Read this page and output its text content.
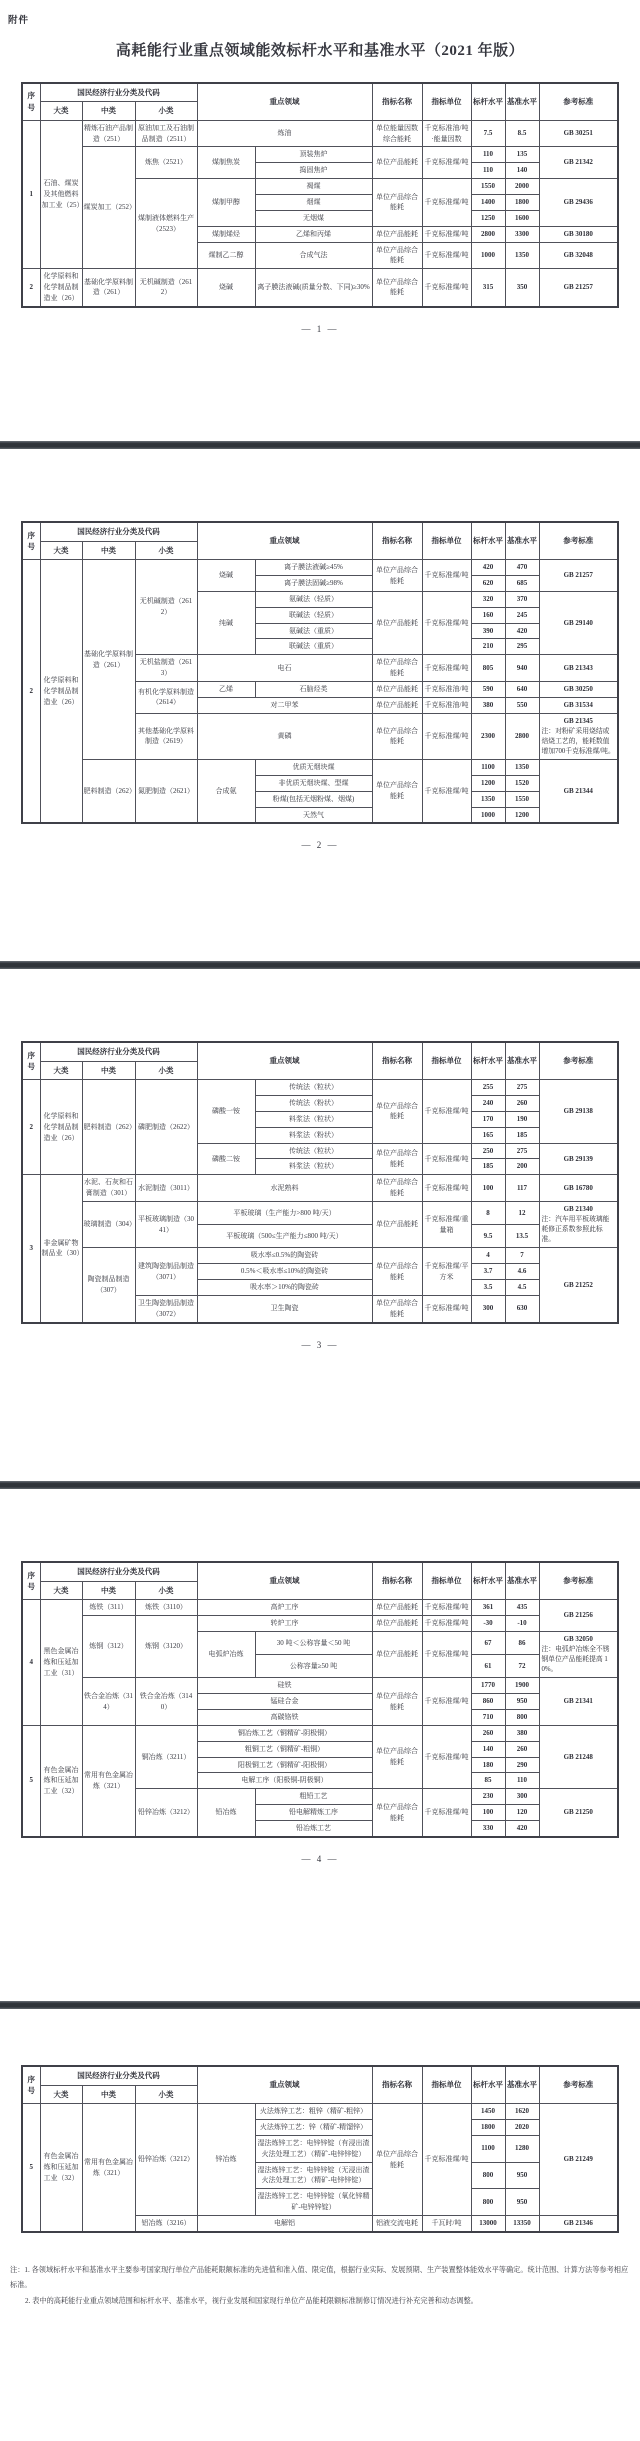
附件
高耗能行业重点领域能效标杆水平和基准水平（2021 年版）
序号	国民经济行业分类及代码			重点领域		指标名称	指标单位	标杆水平	基准水平	参考标准
	大类	中类	小类							
1	石油、煤炭及其他燃料加工业（25）	精炼石油产品制造（251）	原油加工及石油制品制造（2511）	炼油		单位能量因数综合能耗	千克标准油/吨·能量因数	7.5	8.5	GB 30251
		煤炭加工（252）	炼焦（2521）	煤制焦炭	顶装焦炉	单位产品能耗	千克标准煤/吨	110	135	GB 21342
					捣固焦炉			110	140	
			煤制液体燃料生产（2523）	煤制甲醇	褐煤	单位产品综合能耗	千克标准煤/吨	1550	2000	GB 29436
					烟煤			1400	1800	
					无烟煤			1250	1600	
				煤制烯烃	乙烯和丙烯	单位产品能耗	千克标准煤/吨	2800	3300	GB 30180
				煤制乙二醇	合成气法	单位产品综合能耗	千克标准煤/吨	1000	1350	GB 32048
2	化学原料和化学制品制造业（26）	基础化学原料制造（261）	无机碱制造（2612）	烧碱	离子膜法液碱(质量分数、下同)≥30%	单位产品综合能耗	千克标准煤/吨	315	350	GB 21257
— 1 —
序号	国民经济行业分类及代码			重点领域		指标名称	指标单位	标杆水平	基准水平	参考标准
	大类	中类	小类							
2	化学原料和化学制品制造业（26）	基础化学原料制造（261）	无机碱制造（2612）	烧碱	离子膜法液碱≥45%	单位产品综合能耗	千克标准煤/吨	420	470	GB 21257
					离子膜法固碱≥98%			620	685	
				纯碱	氨碱法（轻质）	单位产品能耗	千克标准煤/吨	320	370	GB 29140
					联碱法（轻质）			160	245	
					氨碱法（重质）			390	420	
					联碱法（重质）			210	295	
			无机盐制造（2613）	电石		单位产品综合能耗	千克标准煤/吨	805	940	GB 21343
			有机化学原料制造（2614）	乙烯	石脑烃类	单位产品能耗	千克标准油/吨	590	640	GB 30250
				对二甲苯		单位产品能耗	千克标准油/吨	380	550	GB 31534
			其他基础化学原料制造（2619）	黄磷		单位产品综合能耗	千克标准煤/吨	2300	2800	GB 21345
注：对粉矿采用烧结或焙烧工艺的，能耗数值增加700千克标准煤/吨。

		肥料制造（262）	氮肥制造（2621）	合成氨	优质无烟块煤	单位产品综合能耗	千克标准煤/吨	1100	1350	GB 21344
					非优质无烟块煤、型煤			1200	1520	
					粉煤(包括无烟粉煤、烟煤)			1350	1550	
					天然气			1000	1200	
— 2 —
序号	国民经济行业分类及代码			重点领域		指标名称	指标单位	标杆水平	基准水平	参考标准
	大类	中类	小类							
2	化学原料和化学制品制造业（26）	肥料制造（262）	磷肥制造（2622）	磷酸一铵	传统法（粒状）	单位产品综合能耗	千克标准煤/吨	255	275	GB 29138
					传统法（粉状）			240	260	
					料浆法（粒状）			170	190	
					料浆法（粉状）			165	185	
				磷酸二铵	传统法（粒状）	单位产品综合能耗	千克标准煤/吨	250	275	GB 29139
					料浆法（粒状）			185	200	
3	非金属矿物制品业（30）	水泥、石灰和石膏制造（301）	水泥制造（3011）	水泥熟料		单位产品综合能耗	千克标准煤/吨	100	117	GB 16780
		玻璃制造（304）	平板玻璃制造（3041）	平板玻璃（生产能力>800 吨/天）		单位产品能耗	千克标准煤/重量箱	8	12	GB 21340
注：汽车用平板玻璃能耗修正系数参照此标准。

				平板玻璃（500≤生产能力≤800 吨/天）				9.5	13.5	
		陶瓷制品制造（307）	建筑陶瓷制品制造（3071）	吸水率≤0.5%的陶瓷砖		单位产品综合能耗	千克标准煤/平方米	4	7	GB 21252
				0.5%＜吸水率≤10%的陶瓷砖				3.7	4.6	
				吸水率＞10%的陶瓷砖				3.5	4.5	
			卫生陶瓷制品制造（3072）	卫生陶瓷		单位产品综合能耗	千克标准煤/吨	300	630	
— 3 —
序号	国民经济行业分类及代码			重点领域		指标名称	指标单位	标杆水平	基准水平	参考标准
	大类	中类	小类							
4	黑色金属冶炼和压延加工业（31）	炼铁（311）	炼铁（3110）	高炉工序		单位产品能耗	千克标准煤/吨	361	435	GB 21256
		炼钢（312）	炼钢（3120）	转炉工序		单位产品能耗	千克标准煤/吨	-30	-10	
				电弧炉冶炼	30 吨＜公称容量＜50 吨	单位产品能耗	千克标准煤/吨	67	86	GB 32050
注：电弧炉冶炼全不锈钢单位产品能耗提高 10%。

					公称容量≥50 吨			61	72	
		铁合金冶炼（314）	铁合金冶炼（3140）	硅铁		单位产品综合能耗	千克标准煤/吨	1770	1900	GB 21341
				锰硅合金				860	950	
				高碳铬铁				710	800	
5	有色金属冶炼和压延加工业（32）	常用有色金属冶炼（321）	铜冶炼（3211）	铜冶炼工艺（铜精矿-阴极铜）		单位产品综合能耗	千克标准煤/吨	260	380	GB 21248
				粗铜工艺（铜精矿-粗铜）				140	260	
				阳极铜工艺（铜精矿-阳极铜）				180	290	
				电解工序（阳极铜-阴极铜）				85	110	
			铅锌冶炼（3212）	铅冶炼	粗铅工艺	单位产品综合能耗	千克标准煤/吨	230	300	GB 21250
					铅电解精炼工序			100	120	
					铅冶炼工艺			330	420	
— 4 —
序号	国民经济行业分类及代码			重点领域		指标名称	指标单位	标杆水平	基准水平	参考标准
	大类	中类	小类							
5	有色金属冶炼和压延加工业（32）	常用有色金属冶炼（321）	铅锌冶炼（3212）	锌冶炼	火法炼锌工艺：粗锌（精矿-粗锌）	单位产品综合能耗	千克标准煤/吨	1450	1620	GB 21249
					火法炼锌工艺：锌（精矿-精馏锌）			1800	2020	
					湿法炼锌工艺：电锌锌锭（有浸出渣火法处理工艺）（精矿-电锌锌锭）			1100	1280	
					湿法炼锌工艺：电锌锌锭（无浸出渣火法处理工艺）（精矿-电锌锌锭）			800	950	
					湿法炼锌工艺：电锌锌锭（氧化锌精矿-电锌锌锭）			800	950	
			铝冶炼（3216）	电解铝		铝液交流电耗	千瓦时/吨	13000	13350	GB 21346

注：1. 各领域标杆水平和基准水平主要参考国家现行单位产品能耗限额标准的先进值和准入值、限定值，根据行业实际、发展预期、生产装置整体能效水平等确定。统计范围、计算方法等参考相应标准。

2. 表中的高耗能行业重点领域范围和标杆水平、基准水平，视行业发展和国家现行单位产品能耗限额标准制修订情况进行补充完善和动态调整。
